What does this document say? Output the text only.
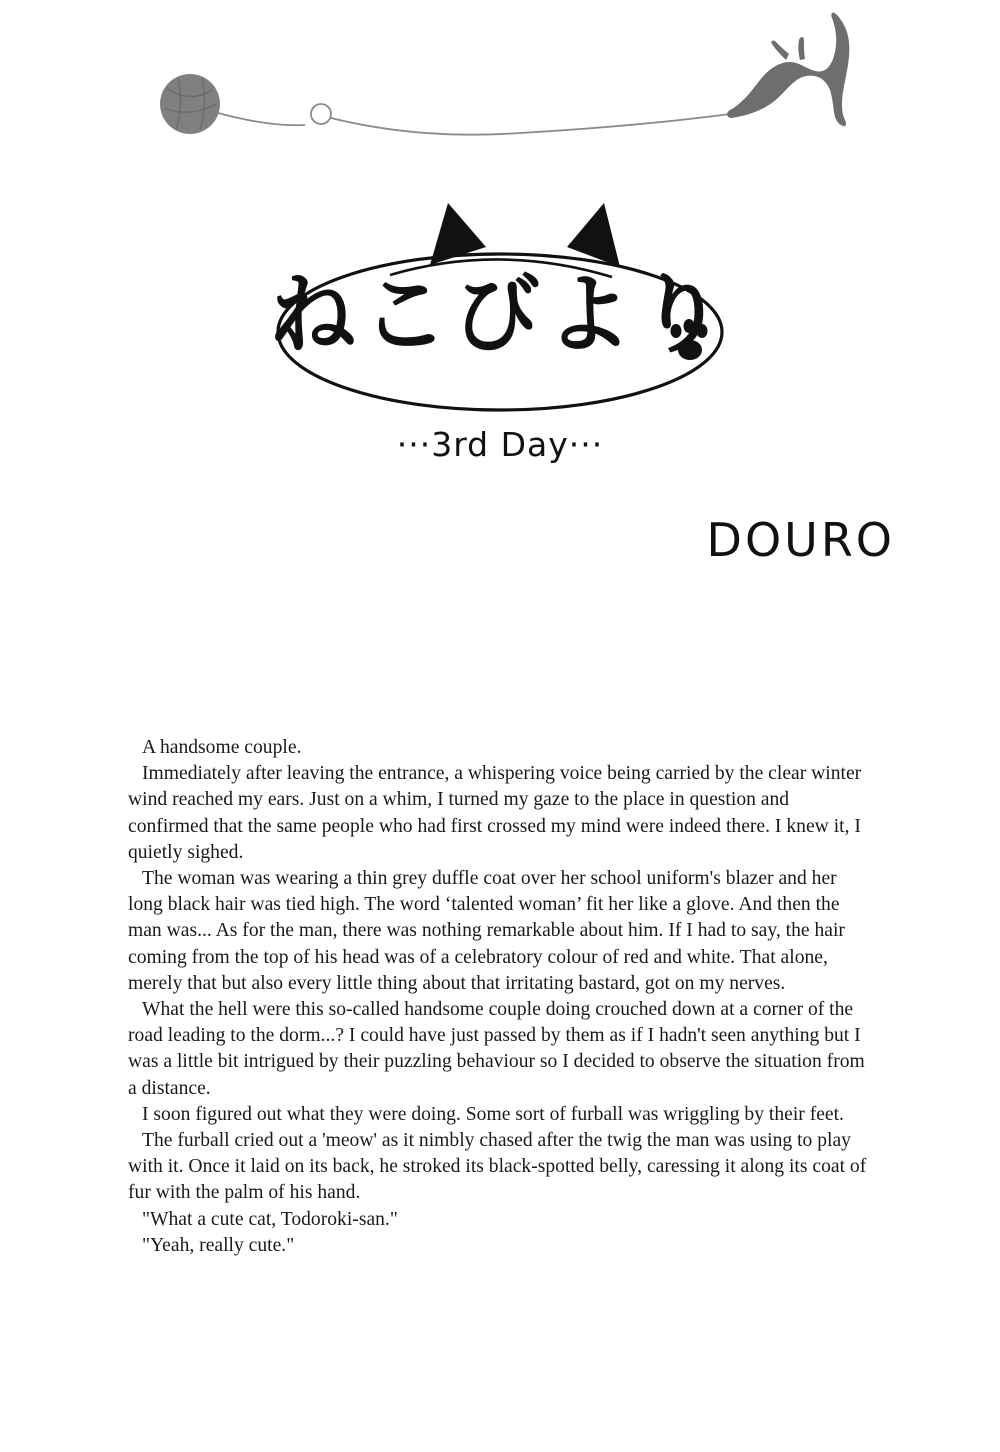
ねこびより
···3rd Day···
DOURO

A handsome couple.

Immediately after leaving the entrance, a whispering voice being carried by the clear winter wind reached my ears. Just on a whim, I turned my gaze to the place in question and confirmed that the same people who had first crossed my mind were indeed there. I knew it, I quietly sighed.

The woman was wearing a thin grey duffle coat over her school uniform's blazer and her long black hair was tied high. The word ‘talented woman’ fit her like a glove. And then the man was... As for the man, there was nothing remarkable about him. If I had to say, the hair coming from the top of his head was of a celebratory colour of red and white. That alone, merely that but also every little thing about that irritating bastard, got on my nerves.

What the hell were this so-called handsome couple doing crouched down at a corner of the road leading to the dorm...? I could have just passed by them as if I hadn't seen anything but I was a little bit intrigued by their puzzling behaviour so I decided to observe the situation from a distance.

I soon figured out what they were doing. Some sort of furball was wriggling by their feet.

The furball cried out a 'meow' as it nimbly chased after the twig the man was using to play with it. Once it laid on its back, he stroked its black-spotted belly, caressing it along its coat of fur with the palm of his hand.

"What a cute cat, Todoroki-san."

"Yeah, really cute."
